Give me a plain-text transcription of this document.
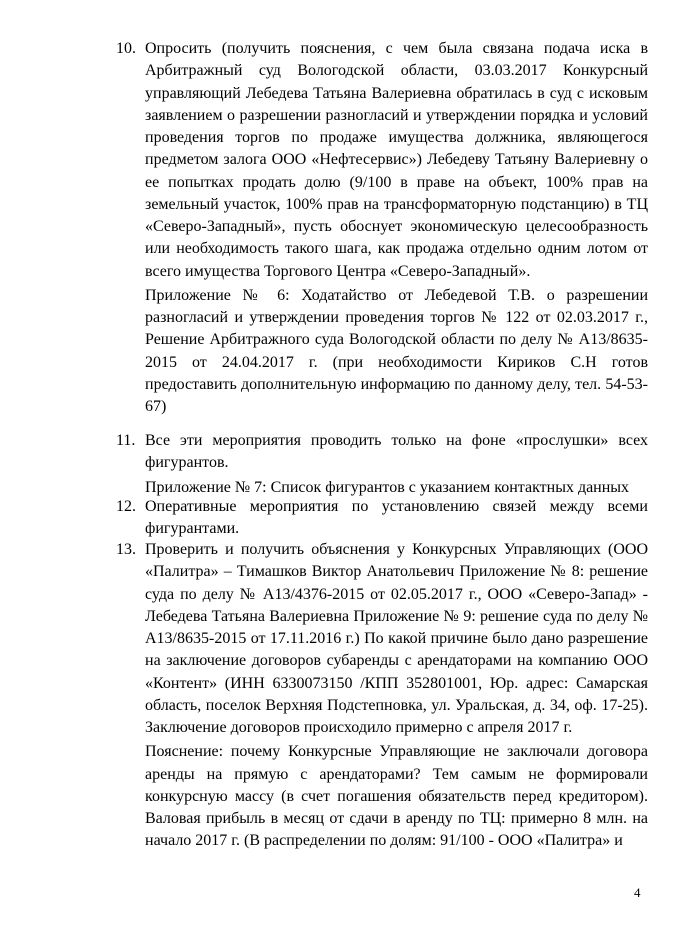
10. Опросить (получить пояснения, с чем была связана подача иска в Арбитражный суд Вологодской области, 03.03.2017 Конкурсный управляющий Лебедева Татьяна Валериевна обратилась в суд с исковым заявлением о разрешении разногласий и утверждении порядка и условий проведения торгов по продаже имущества должника, являющегося предметом залога ООО «Нефтесервис») Лебедеву Татьяну Валериевну о ее попытках продать долю (9/100 в праве на объект, 100% прав на земельный участок, 100% прав на трансформаторную подстанцию) в ТЦ «Северо-Западный», пусть обоснует экономическую целесообразность или необходимость такого шага, как продажа отдельно одним лотом от всего имущества Торгового Центра «Северо-Западный».

Приложение № 6: Ходатайство от Лебедевой Т.В. о разрешении разногласий и утверждении проведения торгов № 122 от 02.03.2017 г., Решение Арбитражного суда Вологодской области по делу № А13/8635-2015 от 24.04.2017 г. (при необходимости Кириков С.Н готов предоставить дополнительную информацию по данному делу, тел. 54-53-67)

11. Все эти мероприятия проводить только на фоне «прослушки» всех фигурантов.

Приложение № 7: Список фигурантов с указанием контактных данных

12. Оперативные мероприятия по установлению связей между всеми фигурантами.

13. Проверить и получить объяснения у Конкурсных Управляющих (ООО «Палитра» – Тимашков Виктор Анатольевич Приложение № 8: решение суда по делу № А13/4376-2015 от 02.05.2017 г., ООО «Северо-Запад» - Лебедева Татьяна Валериевна Приложение № 9: решение суда по делу № А13/8635-2015 от 17.11.2016 г.) По какой причине было дано разрешение на заключение договоров субаренды с арендаторами на компанию ООО «Контент» (ИНН 6330073150 /КПП 352801001, Юр. адрес: Самарская область, поселок Верхняя Подстепновка, ул. Уральская, д. 34, оф. 17-25). Заключение договоров происходило примерно с апреля 2017 г.

Пояснение: почему Конкурсные Управляющие не заключали договора аренды на прямую с арендаторами? Тем самым не формировали конкурсную массу (в счет погашения обязательств перед кредитором). Валовая прибыль в месяц от сдачи в аренду по ТЦ: примерно 8 млн. на начало 2017 г. (В распределении по долям: 91/100 - ООО «Палитра» и

4
